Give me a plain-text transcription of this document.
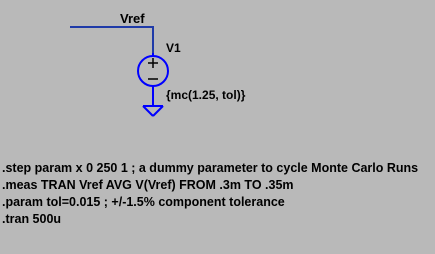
Vref
V1
{mc(1.25, tol)}
.step param x 0 250 1 ; a dummy parameter to cycle Monte Carlo Runs
.meas TRAN Vref AVG V(Vref) FROM .3m TO .35m
.param tol=0.015 ; +/-1.5% component tolerance
.tran 500u
